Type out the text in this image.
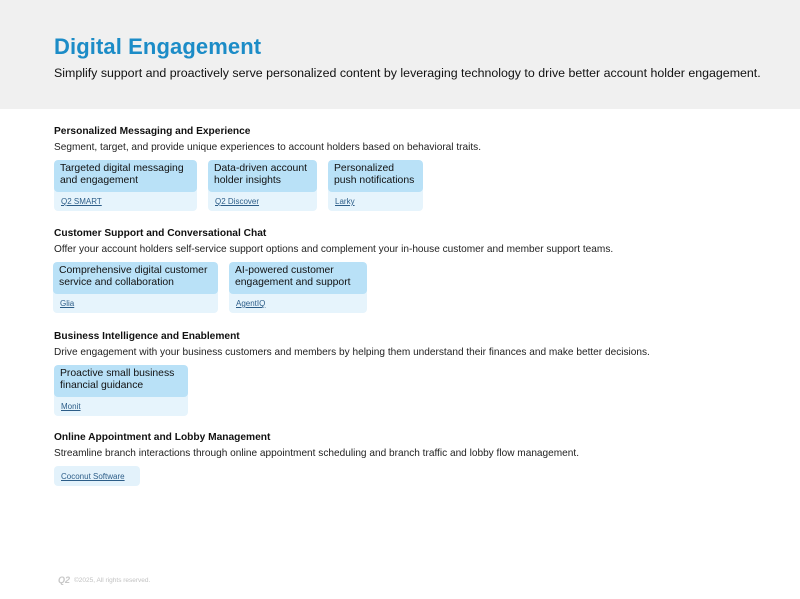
Digital Engagement

Simplify support and proactively serve personalized content by leveraging technology to drive better account holder engagement.

Personalized Messaging and Experience
Segment, target, and provide unique experiences to account holders based on behavioral traits.
Targeted digital messaging and engagement
Q2 SMART
Data-driven account holder insights
Q2 Discover
Personalized push notifications
Larky
Customer Support and Conversational Chat
Offer your account holders self-service support options and complement your in-house customer and member support teams.
Comprehensive digital customer service and collaboration
Glia
AI-powered customer engagement and support
AgentIQ
Business Intelligence and Enablement
Drive engagement with your business customers and members by helping them understand their finances and make better decisions.
Proactive small business financial guidance
Monit
Online Appointment and Lobby Management
Streamline branch interactions through online appointment scheduling and branch traffic and lobby flow management.
Coconut Software
Q2 ©2025, All rights reserved.
